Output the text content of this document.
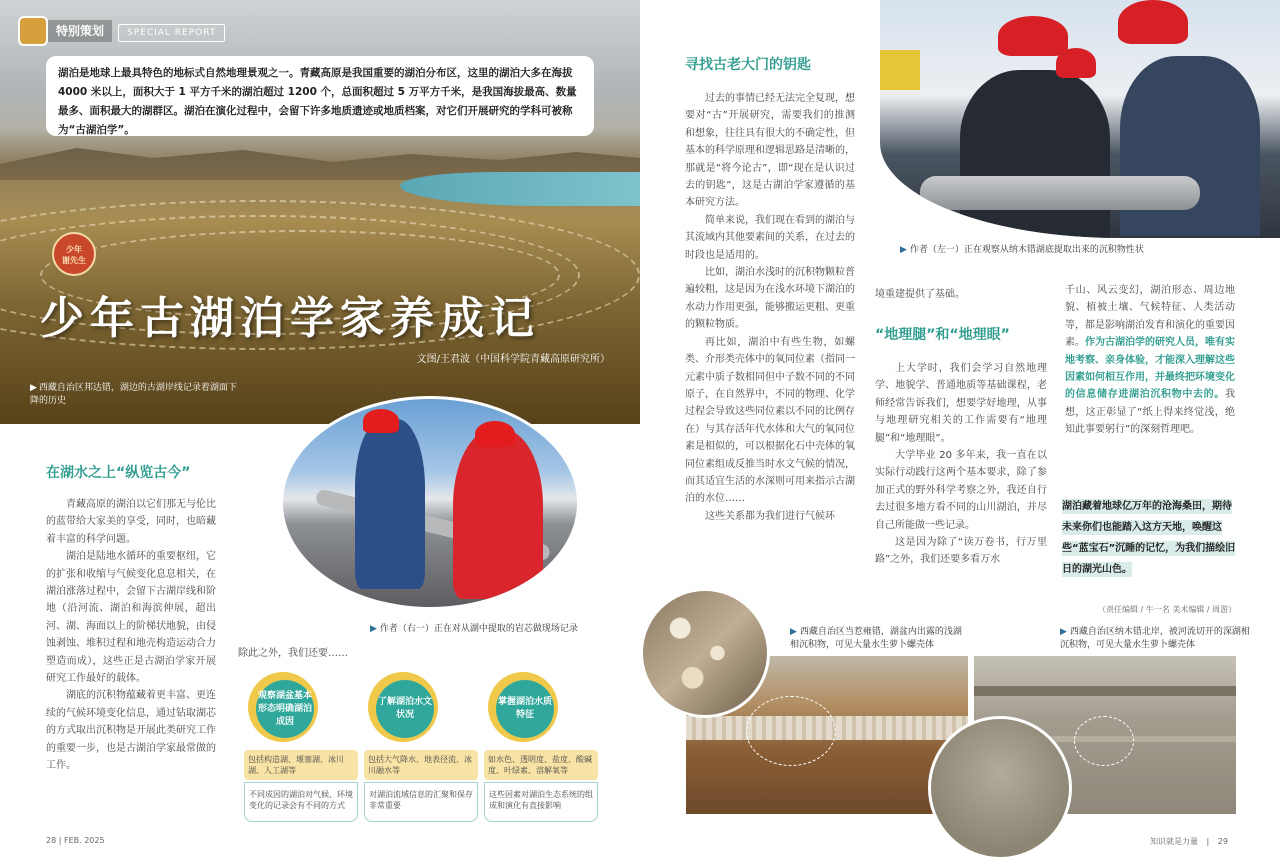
特别策划	SPECIAL REPORT
湖泊是地球上最具特色的地标式自然地理景观之一。青藏高原是我国重要的湖泊分布区，这里的湖泊大多在海拔 4000 米以上，面积大于 1 平方千米的湖泊超过 1200 个，总面积超过 5 万平方千米，是我国海拔最高、数量最多、面积最大的湖群区。湖泊在演化过程中，会留下许多地质遗迹或地质档案，对它们开展研究的学科可被称为“古湖泊学”。
少年
谢先生
少年古湖泊学家养成记
文图/王君波（中国科学院青藏高原研究所）
▶ 西藏自治区邦达错，湖边的古湖岸线记录着湖面下降的历史
在湖水之上“纵览古今”

青藏高原的湖泊以它们那无与伦比的蓝带给大家美的享受，同时，也暗藏着丰富的科学问题。

湖泊是陆地水循环的重要枢纽，它的扩张和收缩与气候变化息息相关，在湖泊涨落过程中，会留下古湖岸线和阶地（沿河流、湖泊和海滨伸展，超出河、湖、海面以上的阶梯状地貌，由侵蚀剥蚀、堆积过程和地壳构造运动合力塑造而成），这些正是古湖泊学家开展研究工作最好的载体。

湖底的沉积物蕴藏着更丰富、更连续的气候环境变化信息，通过钻取湖芯的方式取出沉积物是开展此类研究工作的重要一步，也是古湖泊学家最常做的工作。

▶ 作者（右一）正在对从湖中提取的岩芯做现场记录
除此之外，我们还要……
观察湖盆基本形态明确湖泊成因
包括构造湖、堰塞湖、冰川湖、人工湖等
不同成因的湖泊对气候、环境变化的记录会有不同的方式
了解湖泊水文状况
包括大气降水、地表径流、冰川融水等
对湖泊流域信息的汇聚和保存非常重要
掌握湖泊水质特征
如水色、透明度、盐度、酸碱度、叶绿素、溶解氧等
这些因素对湖泊生态系统的组成和演化有直接影响
28 | FEB. 2025
寻找古老大门的钥匙

过去的事情已经无法完全复现，想要对“古”开展研究，需要我们的推测和想象，往往具有很大的不确定性，但基本的科学原理和逻辑思路是清晰的，那就是“将今论古”，即“现在是认识过去的钥匙”，这是古湖泊学家遵循的基本研究方法。

简单来说，我们现在看到的湖泊与其流域内其他要素间的关系，在过去的时段也是适用的。

比如，湖泊水浅时的沉积物颗粒普遍较粗，这是因为在浅水环境下湖泊的水动力作用更强，能够搬运更粗、更重的颗粒物质。

再比如，湖泊中有些生物，如螺类、介形类壳体中的氧同位素（指同一元素中质子数相同但中子数不同的不同原子，在自然界中，不同的物理、化学过程会导致这些同位素以不同的比例存在）与其存活年代水体和大气的氧同位素是相似的，可以根据化石中壳体的氧同位素组成反推当时水文气候的情况，而其适宜生活的水深则可用来指示古湖泊的水位……

这些关系都为我们进行气候环

▶ 作者（左一）正在观察从纳木错湖底提取出来的沉积物性状
境重建提供了基础。
“地理腿”和“地理眼”

上大学时，我们会学习自然地理学、地貌学、普通地质等基础课程，老师经常告诉我们，想要学好地理，从事与地理研究相关的工作需要有“地理腿”和“地理眼”。

大学毕业 20 多年来，我一直在以实际行动践行这两个基本要求，除了参加正式的野外科学考察之外，我还自行去过很多地方看不同的山川湖泊，并尽自己所能做一些记录。

这是因为除了“读万卷书，行万里路”之外，我们还要多看万水

千山、风云变幻，湖泊形态、周边地貌、植被土壤、气候特征、人类活动等，都是影响湖泊发育和演化的重要因素。作为古湖泊学的研究人员，唯有实地考察、亲身体验，才能深入理解这些因素如何相互作用，并最终把环境变化的信息储存进湖泊沉积物中去的。我想，这正彰显了“纸上得来终觉浅，绝知此事要躬行”的深刻哲理吧。
湖泊藏着地球亿万年的沧海桑田，期待未来你们也能踏入这方天地，唤醒这些“蓝宝石”沉睡的记忆，为我们描绘旧日的湖光山色。
（责任编辑 / 牛一名 美术编辑 / 周游）
▶ 西藏自治区当惹雍错，湖盆内出露的浅湖相沉积物，可见大量水生萝卜螺壳体
▶ 西藏自治区纳木错北岸，被河流切开的深湖相沉积物，可见大量水生萝卜螺壳体
知识就是力量 | 29
